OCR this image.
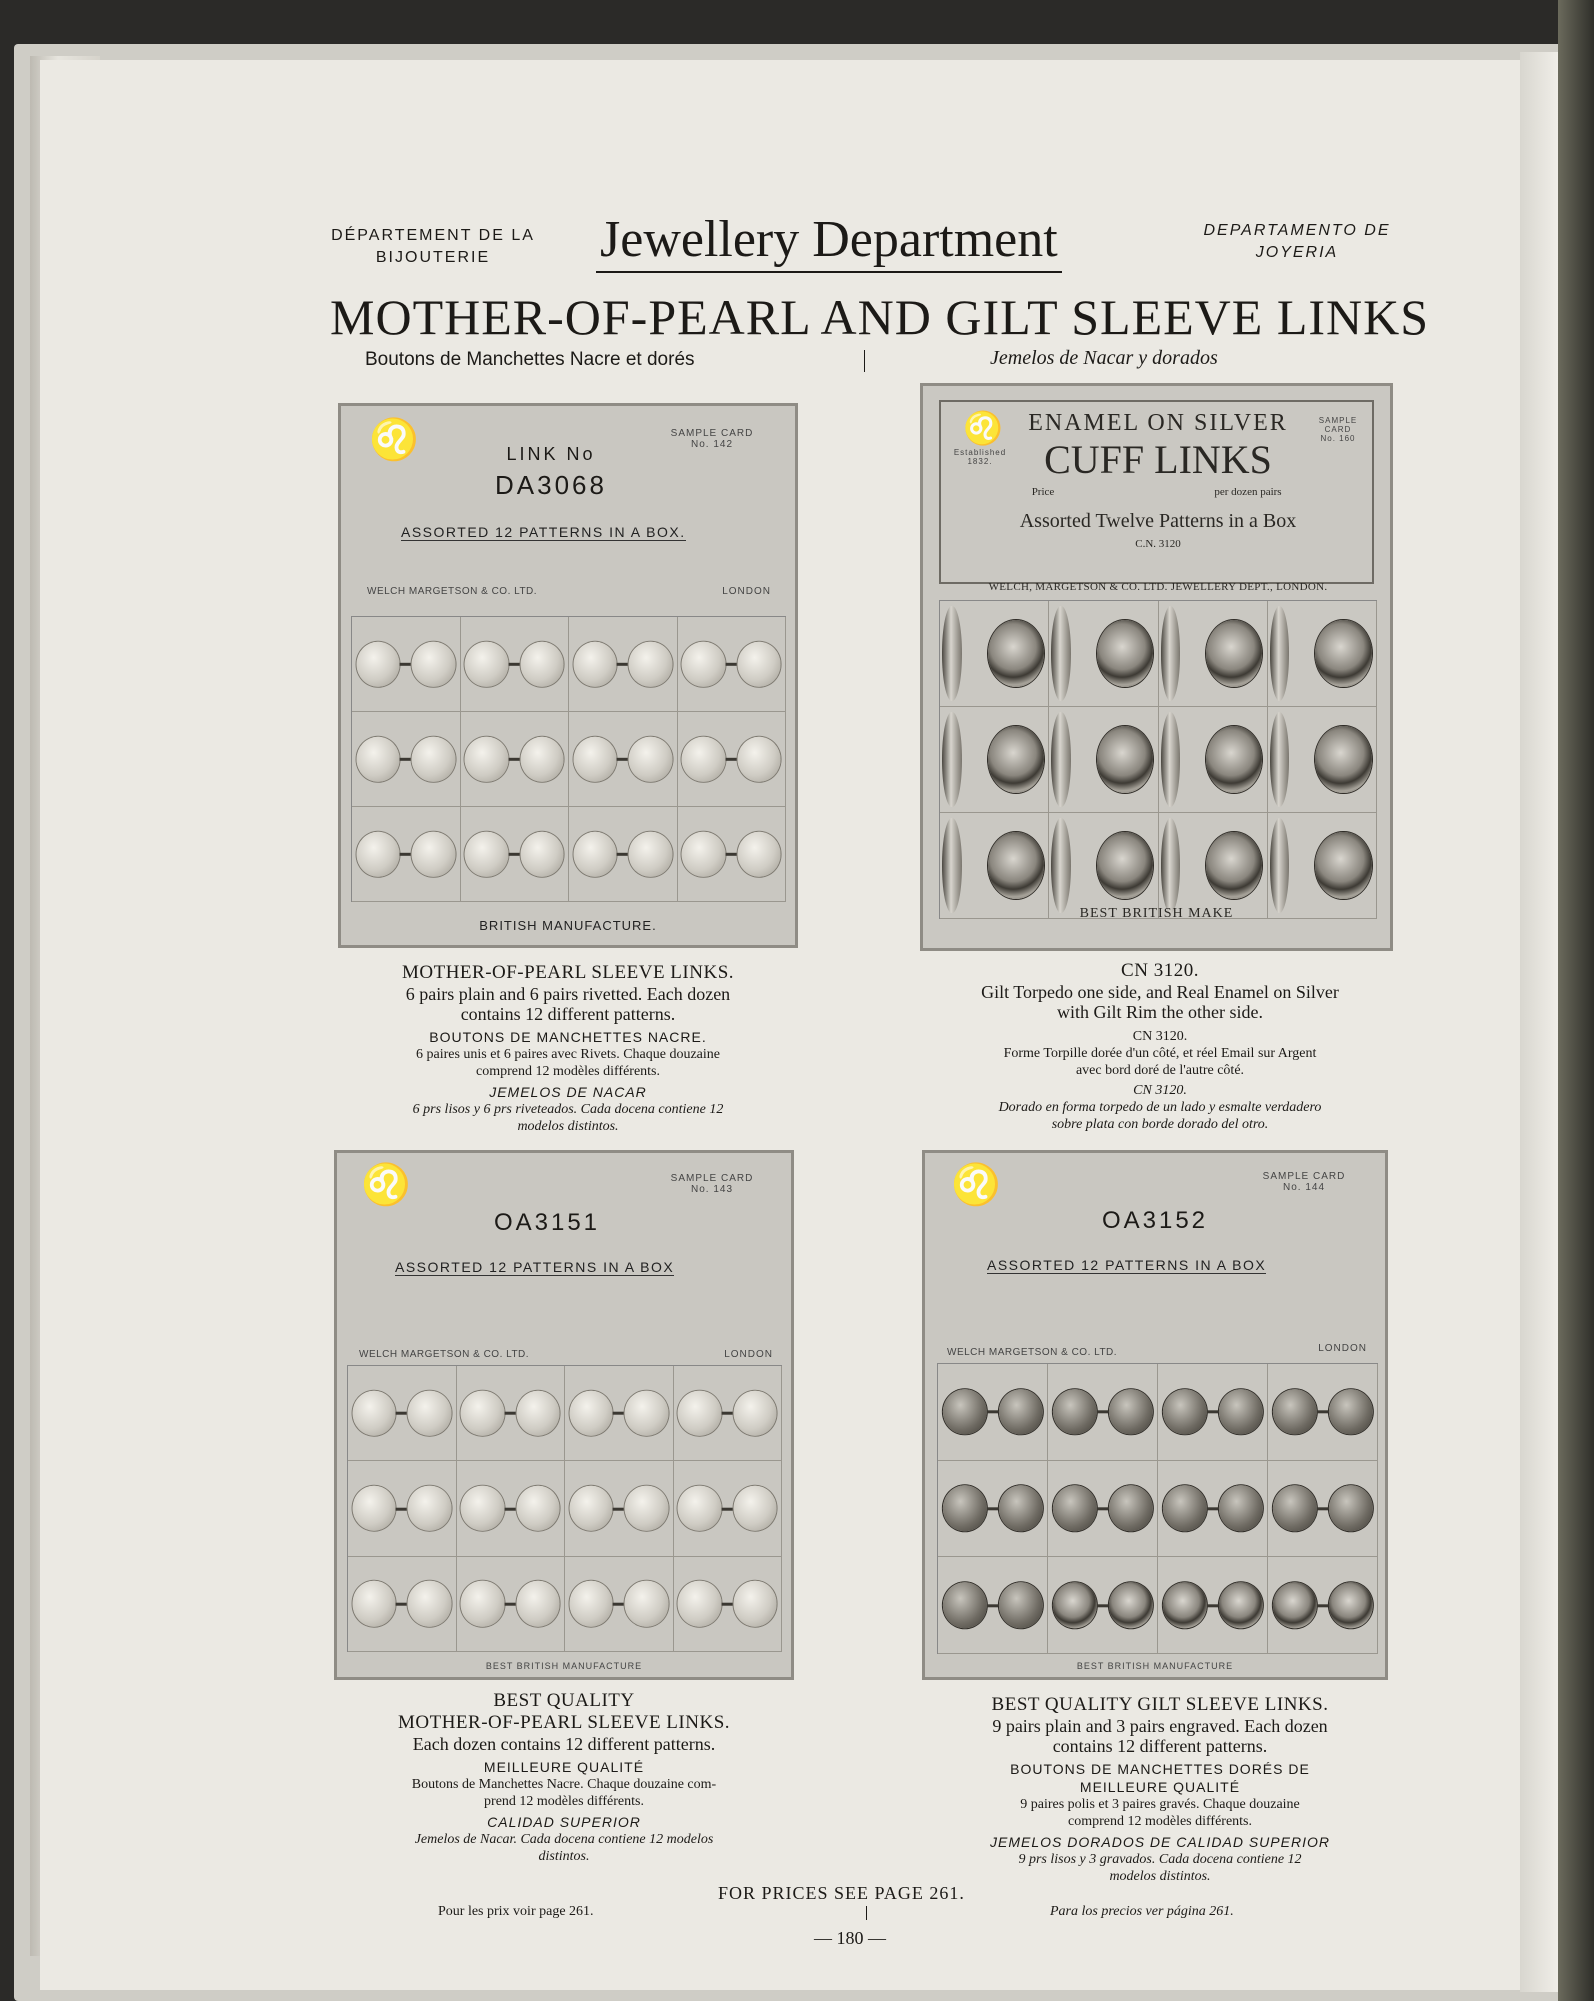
DÉPARTEMENT DE LA
BIJOUTERIE	Jewellery Department	DEPARTAMENTO DE
JOYERIA
MOTHER-OF-PEARL AND GILT SLEEVE LINKS
Boutons de Manchettes Nacre et dorés	Jemelos de Nacar y dorados
♌	SAMPLE CARD
No. 142
LINK No
DA3068
ASSORTED 12 PATTERNS IN A BOX.
WELCH MARGETSON & CO. LTD.	LONDON
BRITISH MANUFACTURE.
MOTHER-OF-PEARL SLEEVE LINKS.
6 pairs plain and 6 pairs rivetted. Each dozen
contains 12 different patterns.
BOUTONS DE MANCHETTES NACRE.
6 paires unis et 6 paires avec Rivets. Chaque douzaine
comprend 12 modèles différents.
JEMELOS DE NACAR
6 prs lisos y 6 prs riveteados. Cada docena contiene 12
modelos distintos.
♌
Established 1832.
ENAMEL ON SILVER
CUFF LINKS
SAMPLE CARD
No. 160
Price	per dozen pairs
Assorted Twelve Patterns in a Box
C.N. 3120
WELCH, MARGETSON & CO. LTD. JEWELLERY DEPT., LONDON.
BEST BRITISH MAKE
CN 3120.
Gilt Torpedo one side, and Real Enamel on Silver
with Gilt Rim the other side.
CN 3120.
Forme Torpille dorée d'un côté, et réel Email sur Argent
avec bord doré de l'autre côté.
CN 3120.
Dorado en forma torpedo de un lado y esmalte verdadero
sobre plata con borde dorado del otro.
♌	SAMPLE CARD
No. 143
OA3151
ASSORTED 12 PATTERNS IN A BOX
WELCH MARGETSON & CO. LTD.	LONDON
BEST BRITISH MANUFACTURE
BEST QUALITY
MOTHER-OF-PEARL SLEEVE LINKS.
Each dozen contains 12 different patterns.
MEILLEURE QUALITÉ
Boutons de Manchettes Nacre. Chaque douzaine com-
prend 12 modèles différents.
CALIDAD SUPERIOR
Jemelos de Nacar. Cada docena contiene 12 modelos
distintos.
♌	SAMPLE CARD
No. 144
OA3152
ASSORTED 12 PATTERNS IN A BOX
WELCH MARGETSON & CO. LTD.	LONDON
BEST BRITISH MANUFACTURE
BEST QUALITY GILT SLEEVE LINKS.
9 pairs plain and 3 pairs engraved. Each dozen
contains 12 different patterns.
BOUTONS DE MANCHETTES DORÉS DE
MEILLEURE QUALITÉ
9 paires polis et 3 paires gravés. Chaque douzaine
comprend 12 modèles différents.
JEMELOS DORADOS DE CALIDAD SUPERIOR
9 prs lisos y 3 gravados. Cada docena contiene 12
modelos distintos.
FOR PRICES SEE PAGE 261.
Pour les prix voir page 261.	Para los precios ver página 261.
— 180 —
